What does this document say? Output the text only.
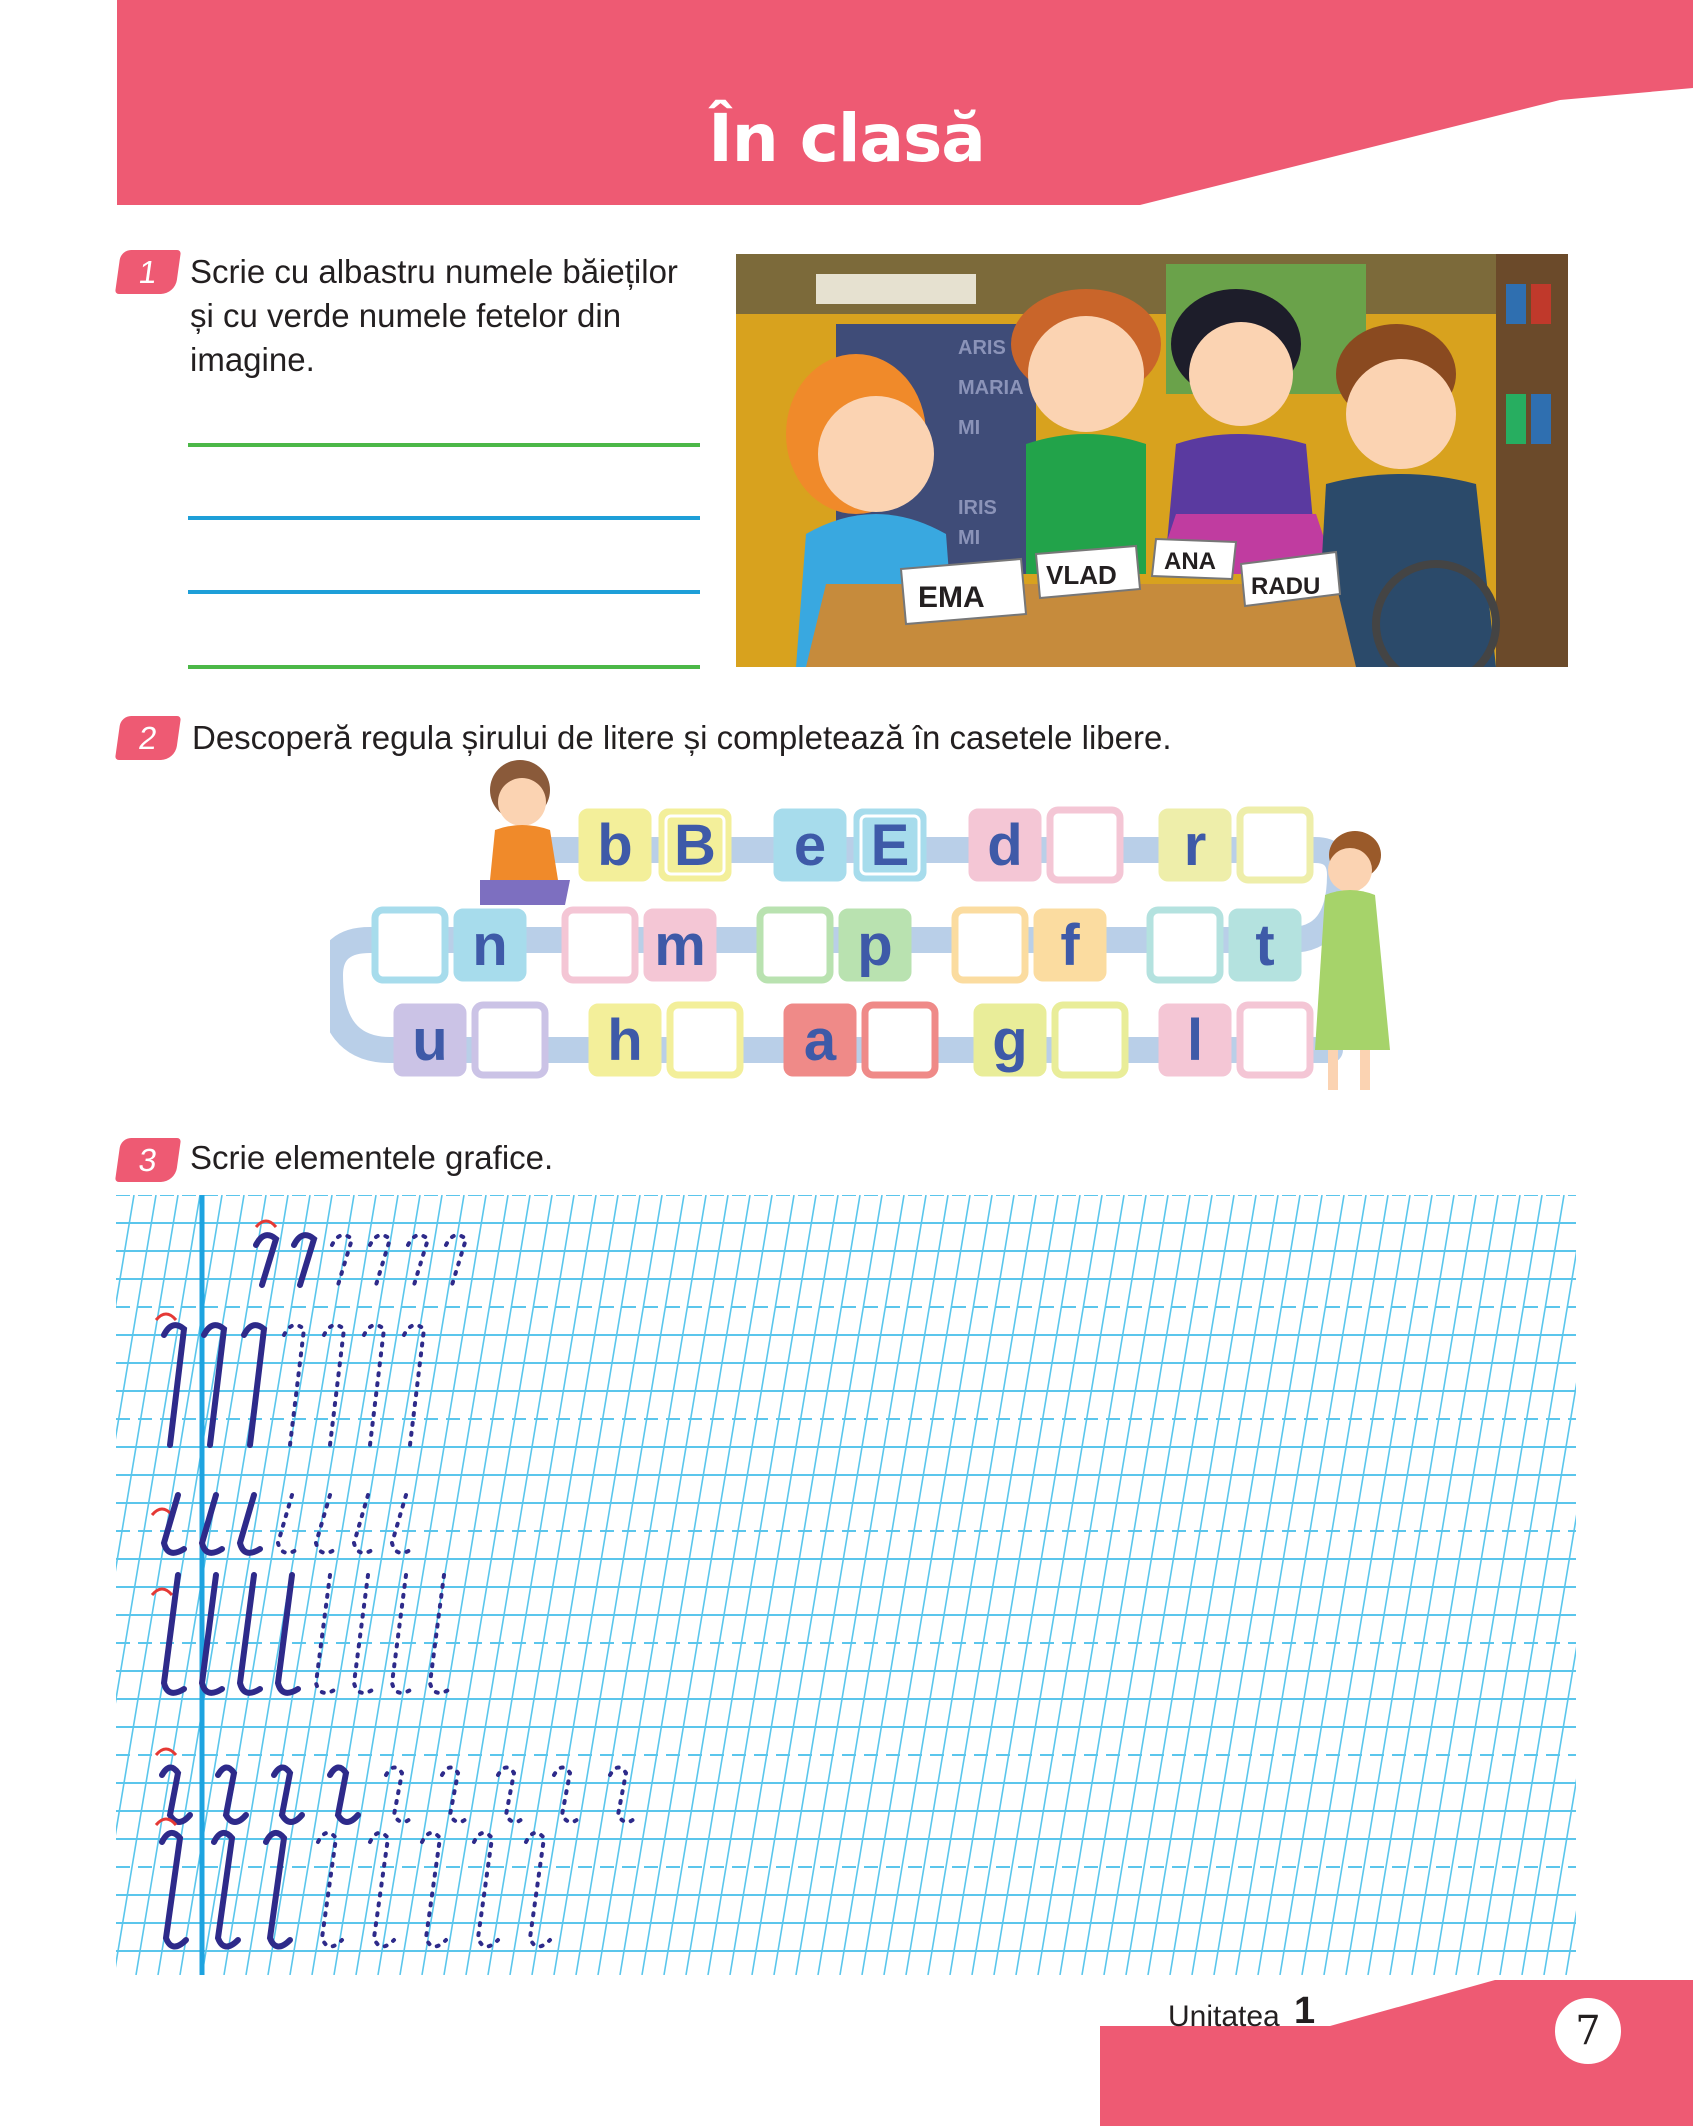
În clasă
1 Scrie cu albastru numele băieților
și cu verde numele fetelor din
imagine.	ARIS
MARIA
MI
IRIS
MI
EMA
VLAD ANA
RADU
2 Descoperă regula șirului de litere și completează în casetele libere.
b B e E d	r
n	m	p	f	t
u	h	a	g	l
3 Scrie elementele grafice.
Unitatea 1	7
